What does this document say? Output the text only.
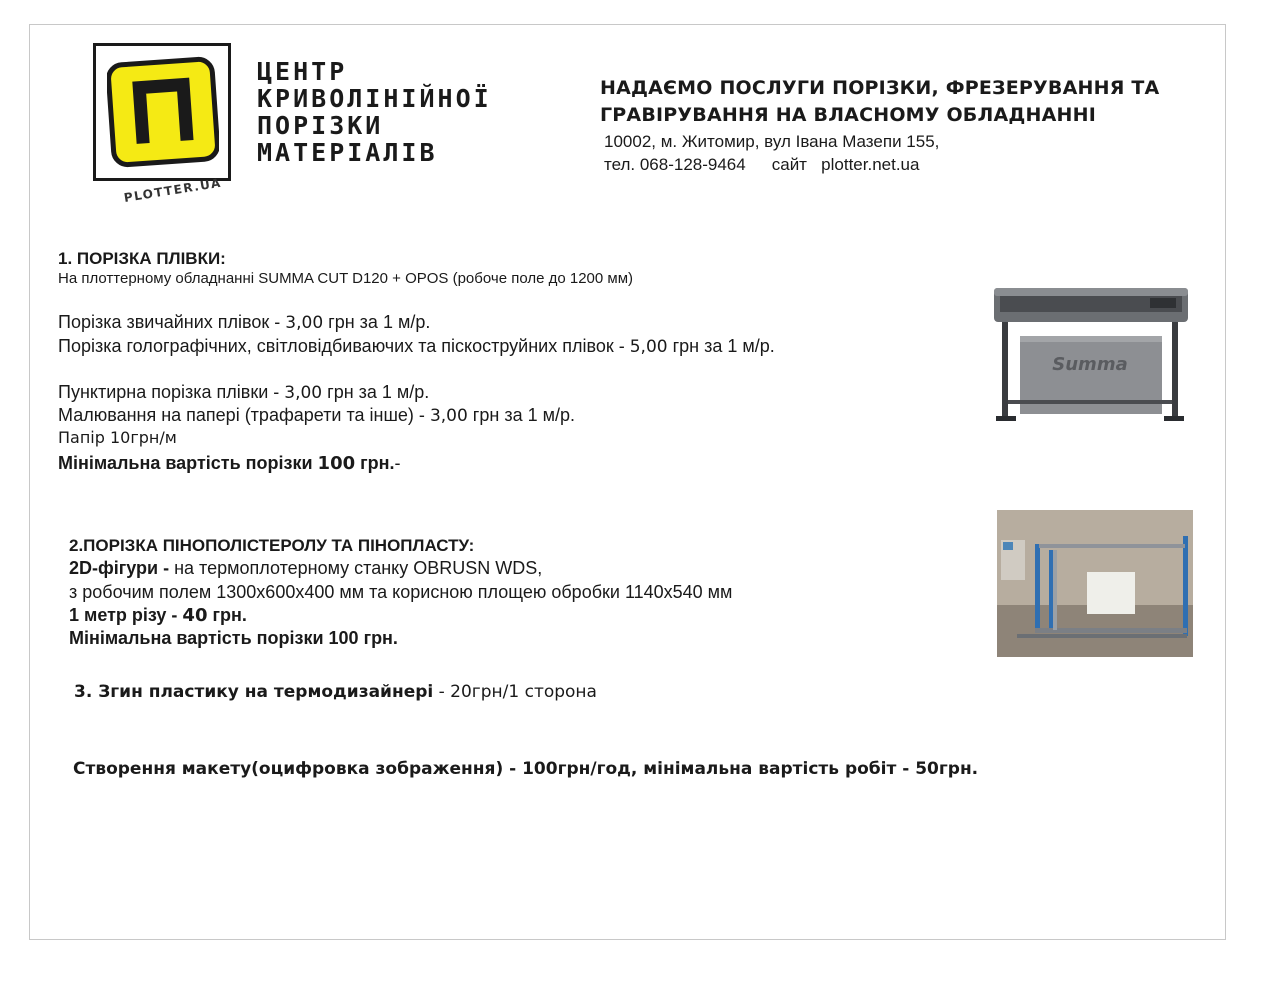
PLOTTER.UA
ЦЕНТР
КРИВОЛІНІЙНОЇ
ПОРІЗКИ
МАТЕРІАЛІВ
НАДАЄМО ПОСЛУГИ ПОРІЗКИ, ФРЕЗЕРУВАННЯ ТА
ГРАВІРУВАННЯ НА ВЛАСНОМУ ОБЛАДНАННІ
10002, м. Житомир, вул Івана Мазепи 155,
тел. 068-128-9464 сайт plotter.net.ua
1. ПОРІЗКА ПЛІВКИ:
На плоттерному обладнанні SUMMA CUT D120 + OPOS (робоче поле до 1200 мм)
Порізка звичайних плівок - 3,00 грн за 1 м/р.
Порізка голографічних, світловідбиваючих та піскоструйних плівок - 5,00 грн за 1 м/р.
Пунктирна порізка плівки - 3,00 грн за 1 м/р.
Малювання на папері (трафарети та інше) - 3,00 грн за 1 м/р.
Папір 10грн/м
Мінімальна вартість порізки 100 грн.-
Summa
2.ПОРІЗКА ПІНОПОЛІСТЕРОЛУ ТА ПІНОПЛАСТУ:
2D-фігури - на термоплотерному станку OBRUSN WDS,
з робочим полем 1300х600х400 мм та корисною площею обробки 1140х540 мм
1 метр різу - 40 грн.
Мінімальна вартість порізки 100 грн.
3. Згин пластику на термодизайнері - 20грн/1 сторона
Створення макету(оцифровка зображення) - 100грн/год, мінімальна вартість робіт - 50грн.
